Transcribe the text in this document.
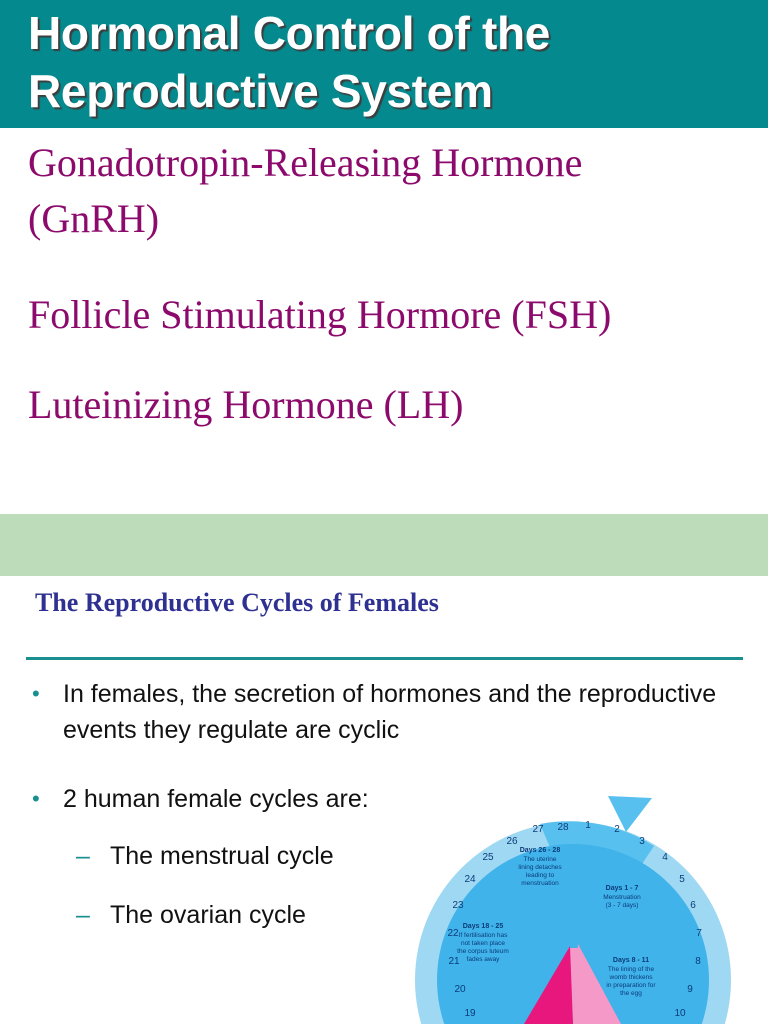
Hormonal Control of the
Reproductive System
Gonadotropin-Releasing Hormone
(GnRH)
Follicle Stimulating Hormore (FSH)
Luteinizing Hormone (LH)
The Reproductive Cycles of Females
• In females, the secretion of hormones and the reproductive events they regulate are cyclic
• 2 human female cycles are:
– The menstrual cycle
– The ovarian cycle
27 28 1 2
3
4
5
6
7
8
9
10
26
25
24
23
22
21
20
19
Days 26 - 28
The uterine
lining detaches
leading to
menstruation
Days 1 - 7
Menstruation
(3 - 7 days)
Days 18 - 25
If fertilisation has
not taken place
the corpus luteum
fades away	Days 8 - 11
The lining of the
womb thickens
in preparation for
the egg
